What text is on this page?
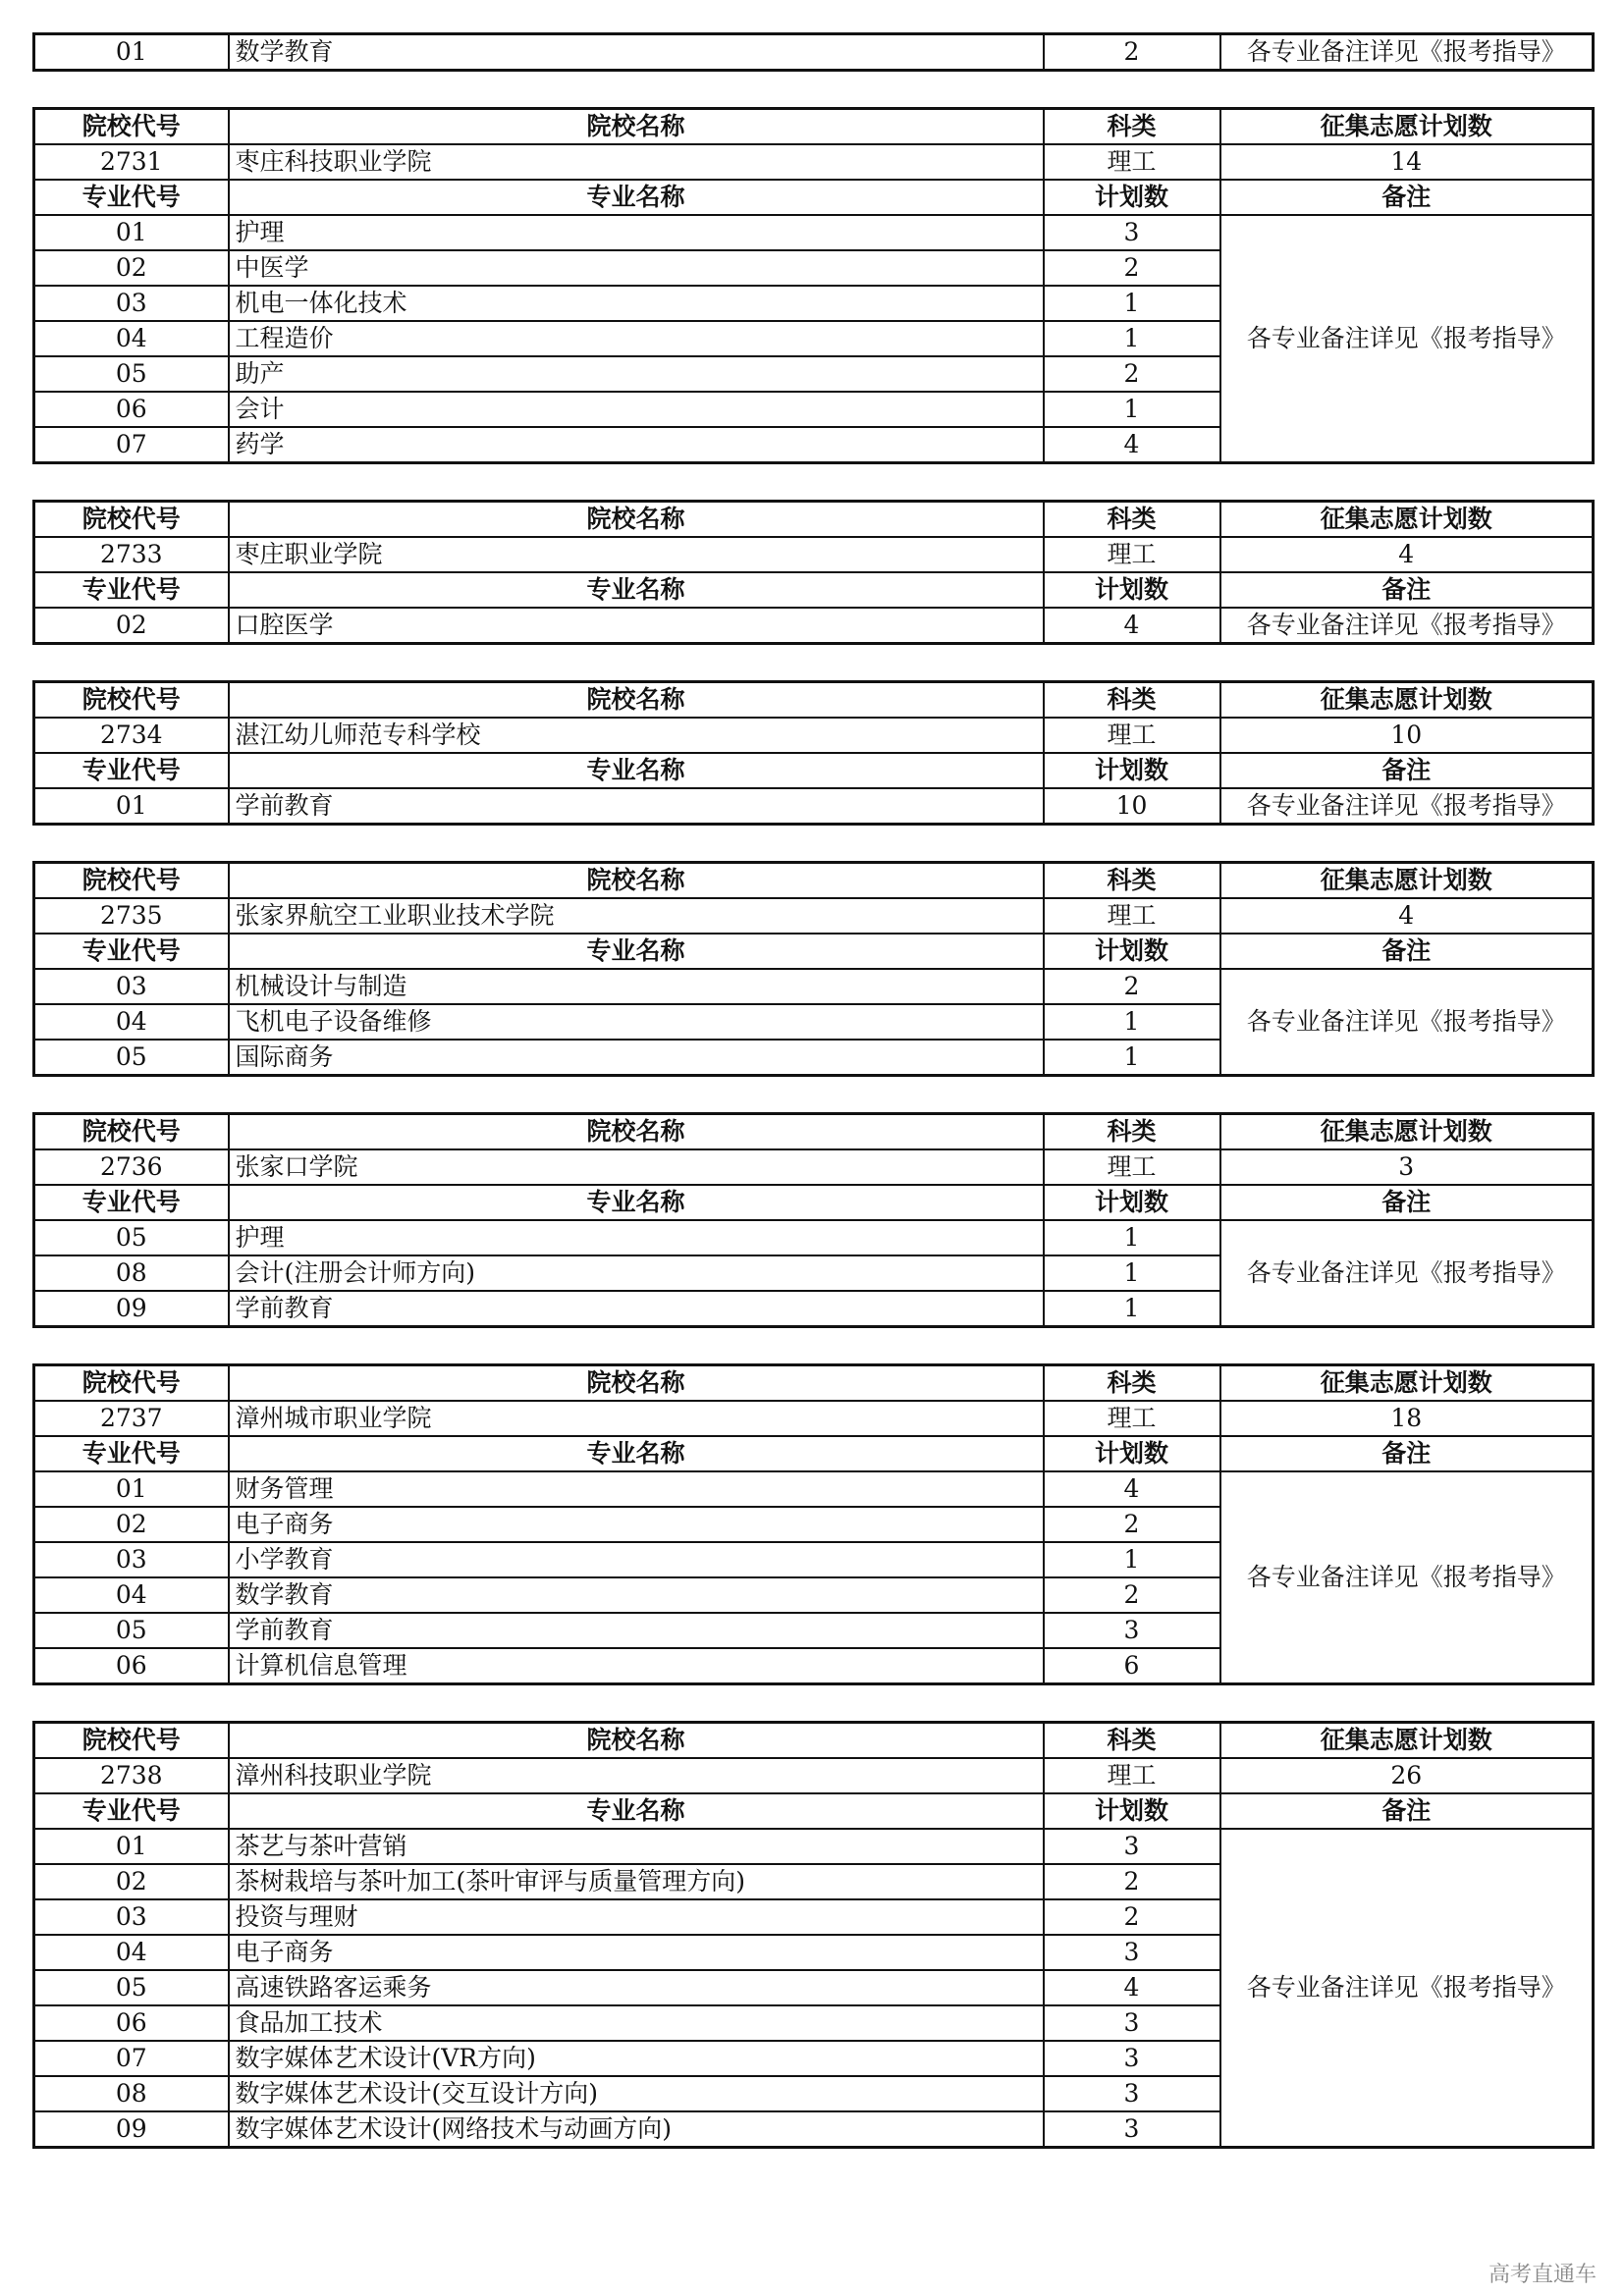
01	数学教育	2	各专业备注详见《报考指导》
院校代号	院校名称	科类	征集志愿计划数
2731	枣庄科技职业学院	理工	14
专业代号	专业名称	计划数	备注
01	护理	3	各专业备注详见《报考指导》
02	中医学	2	
03	机电一体化技术	1	
04	工程造价	1	
05	助产	2	
06	会计	1	
07	药学	4	
院校代号	院校名称	科类	征集志愿计划数
2733	枣庄职业学院	理工	4
专业代号	专业名称	计划数	备注
02	口腔医学	4	各专业备注详见《报考指导》
院校代号	院校名称	科类	征集志愿计划数
2734	湛江幼儿师范专科学校	理工	10
专业代号	专业名称	计划数	备注
01	学前教育	10	各专业备注详见《报考指导》
院校代号	院校名称	科类	征集志愿计划数
2735	张家界航空工业职业技术学院	理工	4
专业代号	专业名称	计划数	备注
03	机械设计与制造	2	各专业备注详见《报考指导》
04	飞机电子设备维修	1	
05	国际商务	1	
院校代号	院校名称	科类	征集志愿计划数
2736	张家口学院	理工	3
专业代号	专业名称	计划数	备注
05	护理	1	各专业备注详见《报考指导》
08	会计(注册会计师方向)	1	
09	学前教育	1	
院校代号	院校名称	科类	征集志愿计划数
2737	漳州城市职业学院	理工	18
专业代号	专业名称	计划数	备注
01	财务管理	4	各专业备注详见《报考指导》
02	电子商务	2	
03	小学教育	1	
04	数学教育	2	
05	学前教育	3	
06	计算机信息管理	6	
院校代号	院校名称	科类	征集志愿计划数
2738	漳州科技职业学院	理工	26
专业代号	专业名称	计划数	备注
01	茶艺与茶叶营销	3	各专业备注详见《报考指导》
02	茶树栽培与茶叶加工(茶叶审评与质量管理方向)	2	
03	投资与理财	2	
04	电子商务	3	
05	高速铁路客运乘务	4	
06	食品加工技术	3	
07	数字媒体艺术设计(VR方向)	3	
08	数字媒体艺术设计(交互设计方向)	3	
09	数字媒体艺术设计(网络技术与动画方向)	3	
高考直通车
